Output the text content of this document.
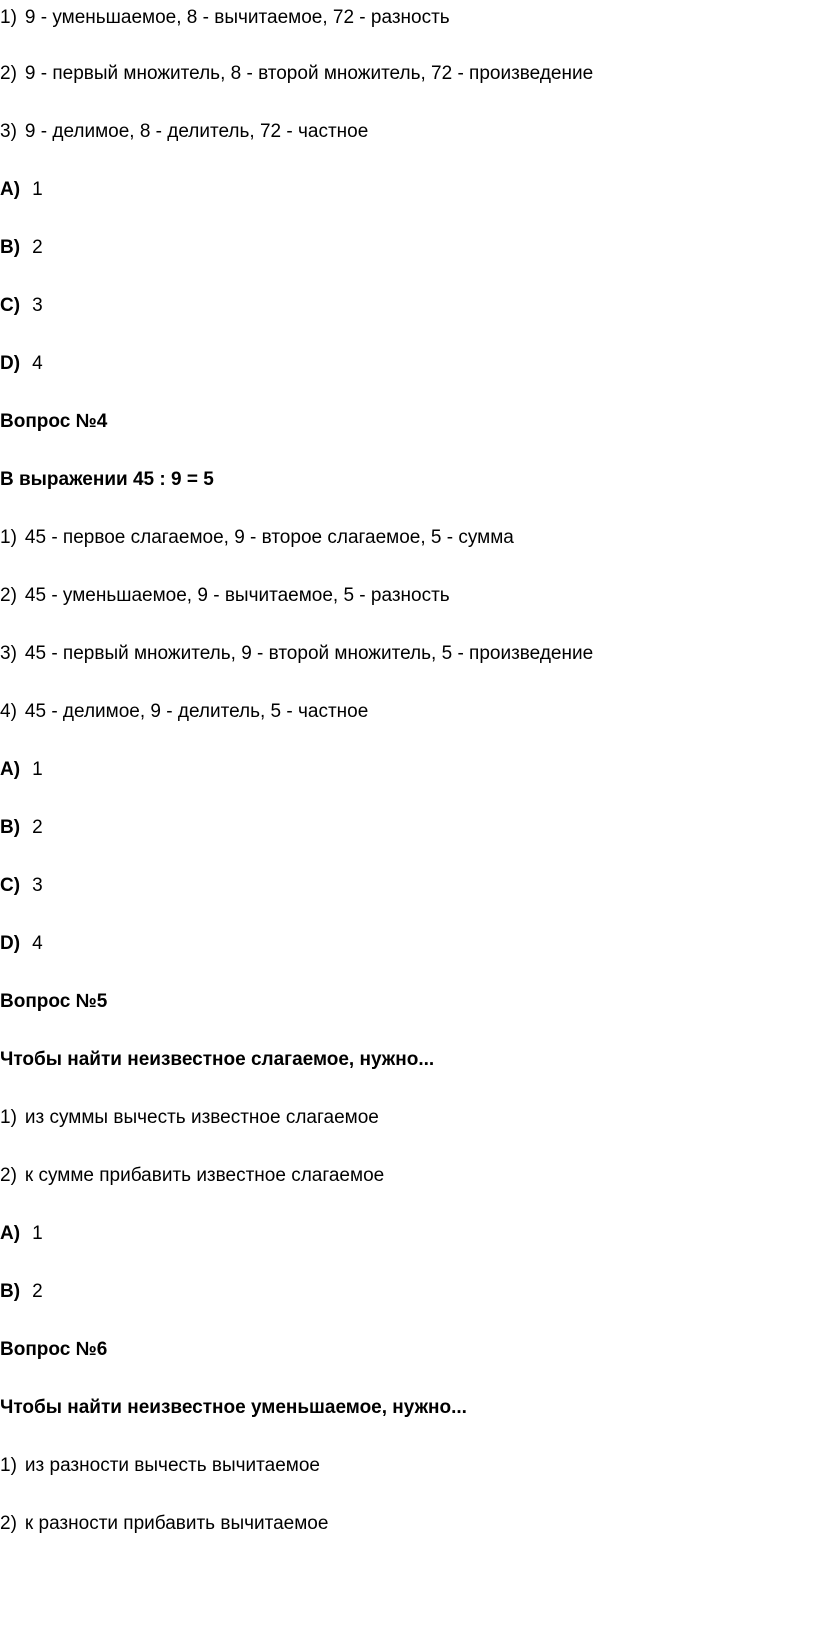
1) 9 - уменьшаемое, 8 - вычитаемое, 72 - разность
2) 9 - первый множитель, 8 - второй множитель, 72 - произведение
3) 9 - делимое, 8 - делитель, 72 - частное
A) 1
B) 2
C) 3
D) 4
Вопрос №4
В выражении 45 : 9 = 5
1) 45 - первое слагаемое, 9 - второе слагаемое, 5 - сумма
2) 45 - уменьшаемое, 9 - вычитаемое, 5 - разность
3) 45 - первый множитель, 9 - второй множитель, 5 - произведение
4) 45 - делимое, 9 - делитель, 5 - частное
A) 1
B) 2
C) 3
D) 4
Вопрос №5
Чтобы найти неизвестное слагаемое, нужно...
1) из суммы вычесть известное слагаемое
2) к сумме прибавить известное слагаемое
A) 1
B) 2
Вопрос №6
Чтобы найти неизвестное уменьшаемое, нужно...
1) из разности вычесть вычитаемое
2) к разности прибавить вычитаемое
